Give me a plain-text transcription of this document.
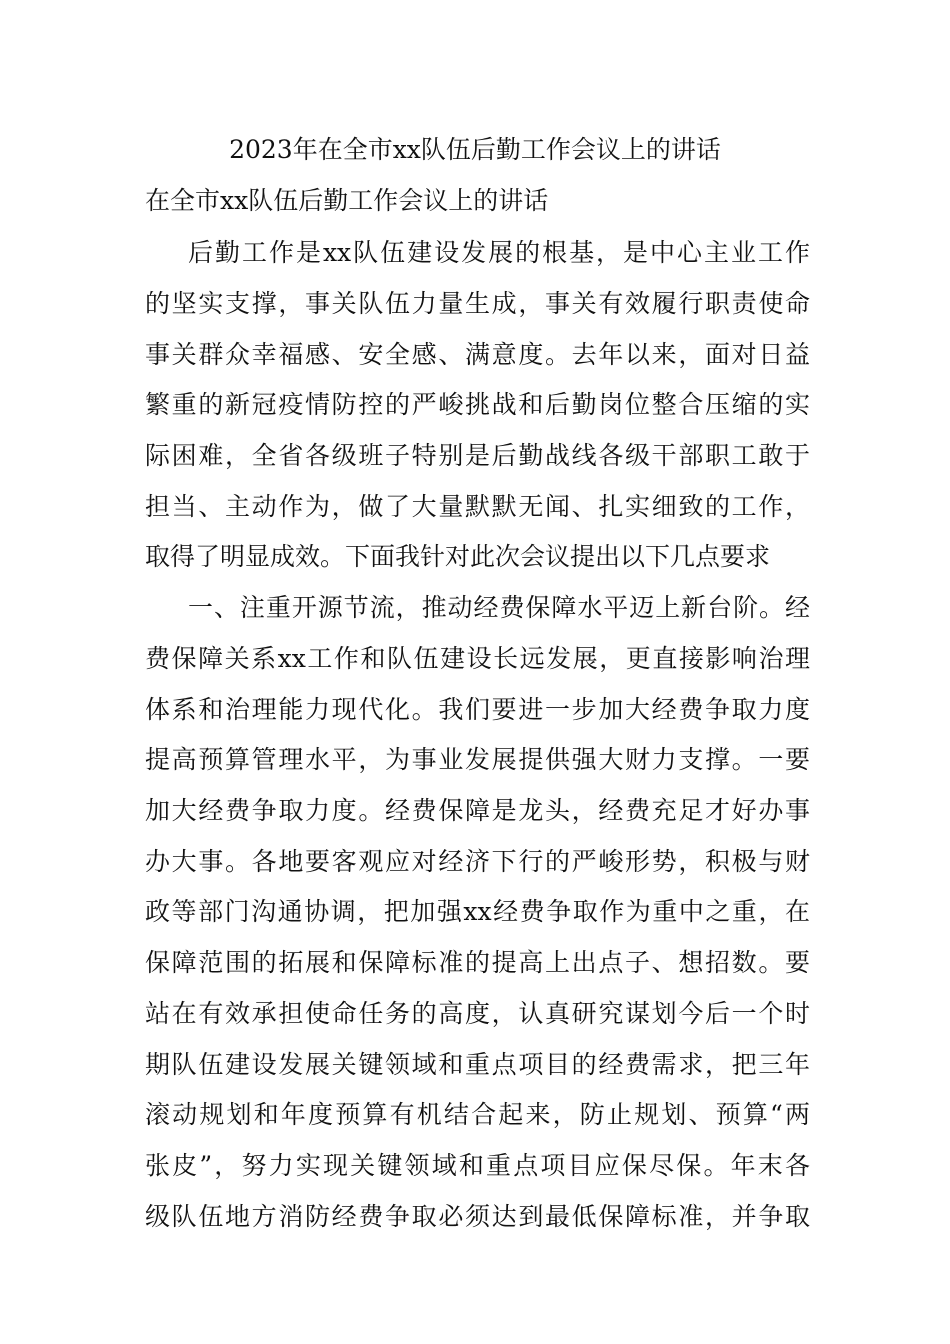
2023年在全市xx队伍后勤工作会议上的讲话
在全市xx队伍后勤工作会议上的讲话
后勤工作是xx队伍建设发展的根基，是中心主业工作
的坚实支撑，事关队伍力量生成，事关有效履行职责使命
事关群众幸福感、安全感、满意度。去年以来，面对日益
繁重的新冠疫情防控的严峻挑战和后勤岗位整合压缩的实
际困难，全省各级班子特别是后勤战线各级干部职工敢于
担当、主动作为，做了大量默默无闻、扎实细致的工作，
取得了明显成效。下面我针对此次会议提出以下几点要求
一、注重开源节流，推动经费保障水平迈上新台阶。经
费保障关系xx工作和队伍建设长远发展，更直接影响治理
体系和治理能力现代化。我们要进一步加大经费争取力度
提高预算管理水平，为事业发展提供强大财力支撑。一要
加大经费争取力度。经费保障是龙头，经费充足才好办事
办大事。各地要客观应对经济下行的严峻形势，积极与财
政等部门沟通协调，把加强xx经费争取作为重中之重，在
保障范围的拓展和保障标准的提高上出点子、想招数。要
站在有效承担使命任务的高度，认真研究谋划今后一个时
期队伍建设发展关键领域和重点项目的经费需求，把三年
滚动规划和年度预算有机结合起来，防止规划、预算“两
张皮”，努力实现关键领域和重点项目应保尽保。年末各
级队伍地方消防经费争取必须达到最低保障标准，并争取
